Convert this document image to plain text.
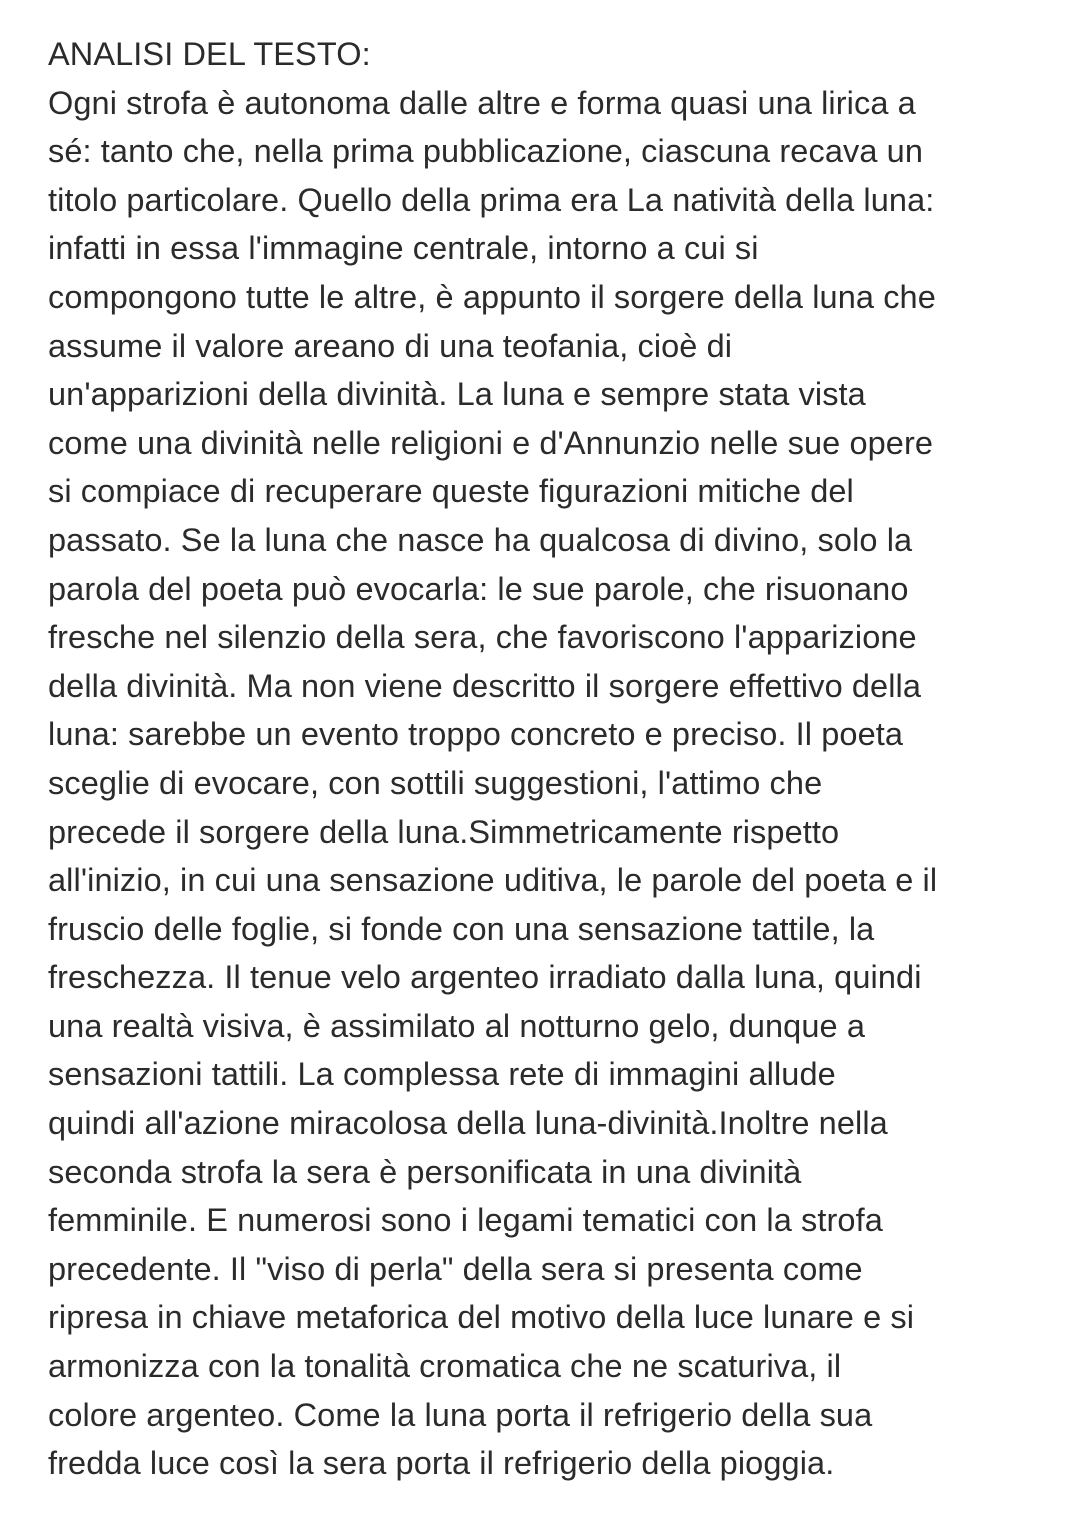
ANALISI DEL TESTO:
Ogni strofa è autonoma dalle altre e forma quasi una lirica a
sé: tanto che, nella prima pubblicazione, ciascuna recava un
titolo particolare. Quello della prima era La natività della luna:
infatti in essa l'immagine centrale, intorno a cui si
compongono tutte le altre, è appunto il sorgere della luna che
assume il valore areano di una teofania, cioè di
un'apparizioni della divinità. La luna e sempre stata vista
come una divinità nelle religioni e d'Annunzio nelle sue opere
si compiace di recuperare queste figurazioni mitiche del
passato. Se la luna che nasce ha qualcosa di divino, solo la
parola del poeta può evocarla: le sue parole, che risuonano
fresche nel silenzio della sera, che favoriscono l'apparizione
della divinità. Ma non viene descritto il sorgere effettivo della
luna: sarebbe un evento troppo concreto e preciso. Il poeta
sceglie di evocare, con sottili suggestioni, l'attimo che
precede il sorgere della luna.Simmetricamente rispetto
all'inizio, in cui una sensazione uditiva, le parole del poeta e il
fruscio delle foglie, si fonde con una sensazione tattile, la
freschezza. Il tenue velo argenteo irradiato dalla luna, quindi
una realtà visiva, è assimilato al notturno gelo, dunque a
sensazioni tattili. La complessa rete di immagini allude
quindi all'azione miracolosa della luna-divinità.Inoltre nella
seconda strofa la sera è personificata in una divinità
femminile. E numerosi sono i legami tematici con la strofa
precedente. Il "viso di perla" della sera si presenta come
ripresa in chiave metaforica del motivo della luce lunare e si
armonizza con la tonalità cromatica che ne scaturiva, il
colore argenteo. Come la luna porta il refrigerio della sua
fredda luce così la sera porta il refrigerio della pioggia.
